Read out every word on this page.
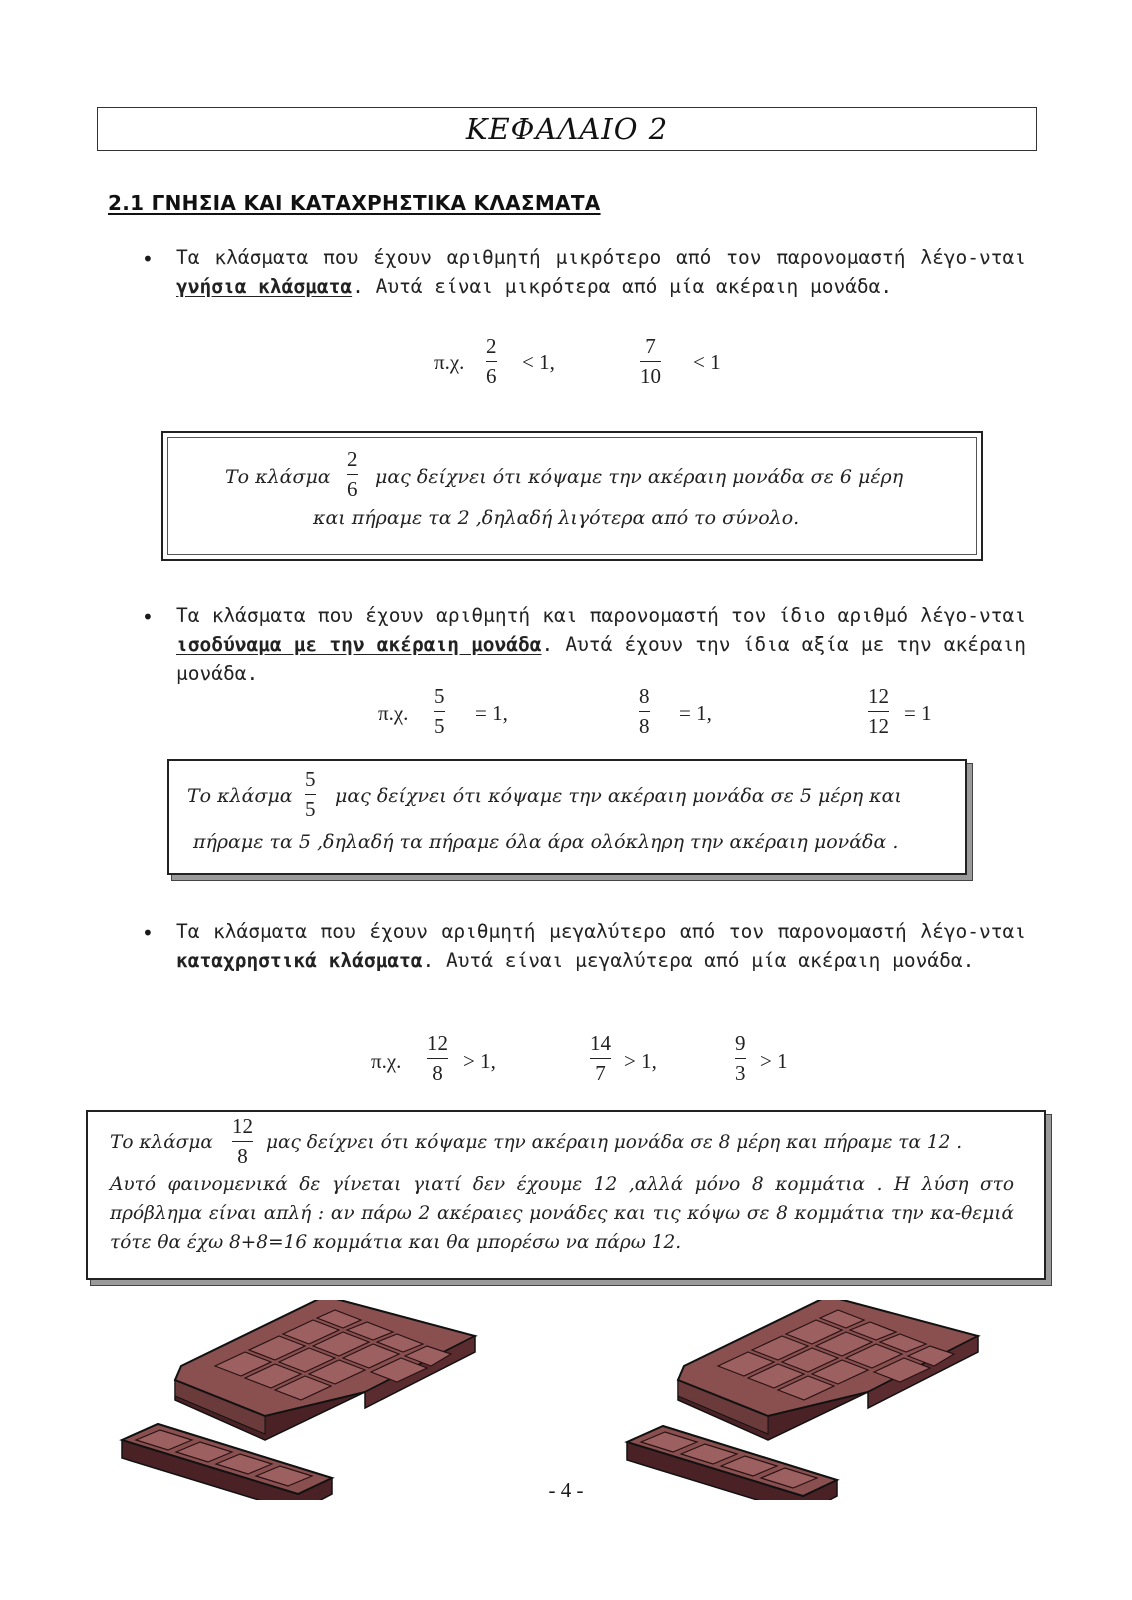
ΚΕΦΑΛΑΙΟ 2
2.1 ΓΝΗΣΙΑ ΚΑΙ ΚΑΤΑΧΡΗΣΤΙΚΑ ΚΛΑΣΜΑΤΑ
• Τα κλάσματα που έχουν αριθμητή μικρότερο από τον παρονομαστή λέγο-νται γνήσια κλάσματα. Αυτά είναι μικρότερα από μία ακέραιη μονάδα.
π.χ.
2
6
< 1,
7
10
< 1
Το κλάσμα
2
6 μας δείχνει ότι κόψαμε την ακέραιη μονάδα σε 6 μέρη
και πήραμε τα 2 ,δηλαδή λιγότερα από το σύνολο.
• Τα κλάσματα που έχουν αριθμητή και παρονομαστή τον ίδιο αριθμό λέγο-νται ισοδύναμα με την ακέραιη μονάδα. Αυτά έχουν την ίδια αξία με την ακέραιη μονάδα.
π.χ.
5
5
= 1,
8
8
= 1,
12
12
= 1
Το κλάσμα
5
5
μας δείχνει ότι κόψαμε την ακέραιη μονάδα σε 5 μέρη και
πήραμε τα 5 ,δηλαδή τα πήραμε όλα άρα ολόκληρη την ακέραιη μονάδα .
• Τα κλάσματα που έχουν αριθμητή μεγαλύτερο από τον παρονομαστή λέγο-νται καταχρηστικά κλάσματα. Αυτά είναι μεγαλύτερα από μία ακέραιη μονάδα.
π.χ.
12
8 > 1,
14
7 > 1,
9
3 > 1
Το κλάσμα
12
8
μας δείχνει ότι κόψαμε την ακέραιη μονάδα σε 8 μέρη και πήραμε τα 12 .
Αυτό φαινομενικά δε γίνεται γιατί δεν έχουμε 12 ,αλλά μόνο 8 κομμάτια . Η λύση στο πρόβλημα είναι απλή : αν πάρω 2 ακέραιες μονάδες και τις κόψω σε 8 κομμάτια την κα-θεμιά τότε θα έχω 8+8=16 κομμάτια και θα μπορέσω να πάρω 12.
- 4 -
